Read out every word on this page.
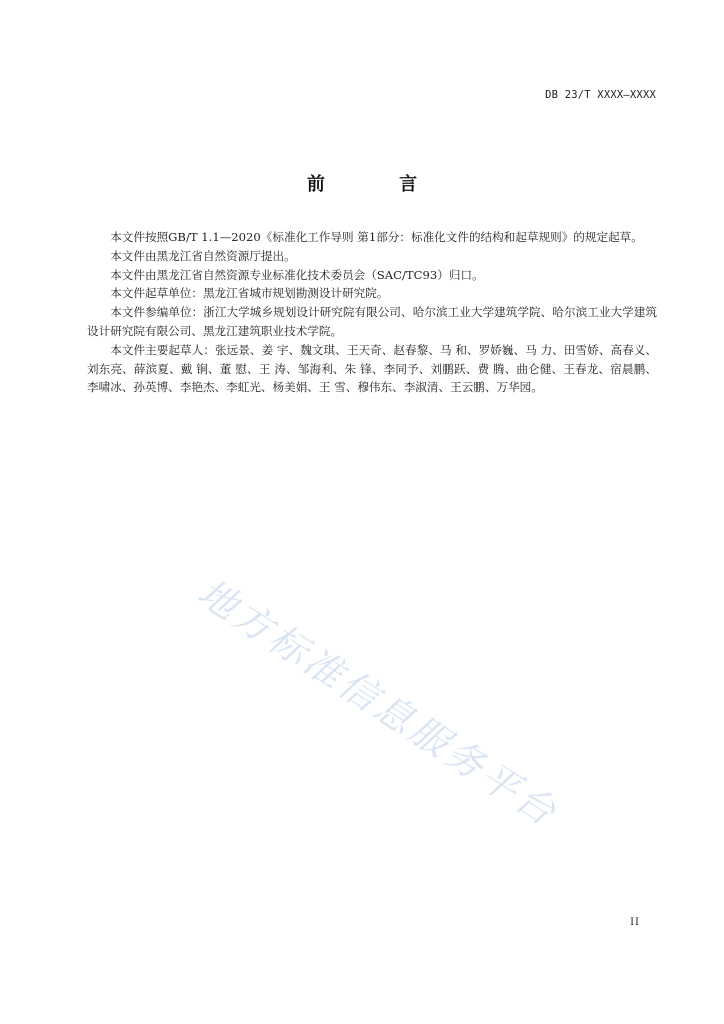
DB 23/T XXXX—XXXX
前 言

本文件按照GB/T 1.1—2020《标准化工作导则 第1部分：标准化文件的结构和起草规则》的规定起草。

本文件由黑龙江省自然资源厅提出。

本文件由黑龙江省自然资源专业标准化技术委员会（SAC/TC93）归口。

本文件起草单位：黑龙江省城市规划勘测设计研究院。

本文件参编单位：浙江大学城乡规划设计研究院有限公司、哈尔滨工业大学建筑学院、哈尔滨工业大学建筑设计研究院有限公司、黑龙江建筑职业技术学院。

本文件主要起草人：张远景、姜 宇、魏文琪、王天奇、赵春黎、马 和、罗娇巍、马 力、田雪娇、高春义、刘东亮、薛滨夏、戴 锏、董 慰、王 涛、邹海利、朱 锋、李同予、刘鹏跃、费 腾、曲仑健、王春龙、宿晨鹏、李啸冰、孙英博、李艳杰、李虹光、杨美娟、王 雪、穆伟东、李淑清、王云鹏、万华园。

地方标准信息服务平台
II
